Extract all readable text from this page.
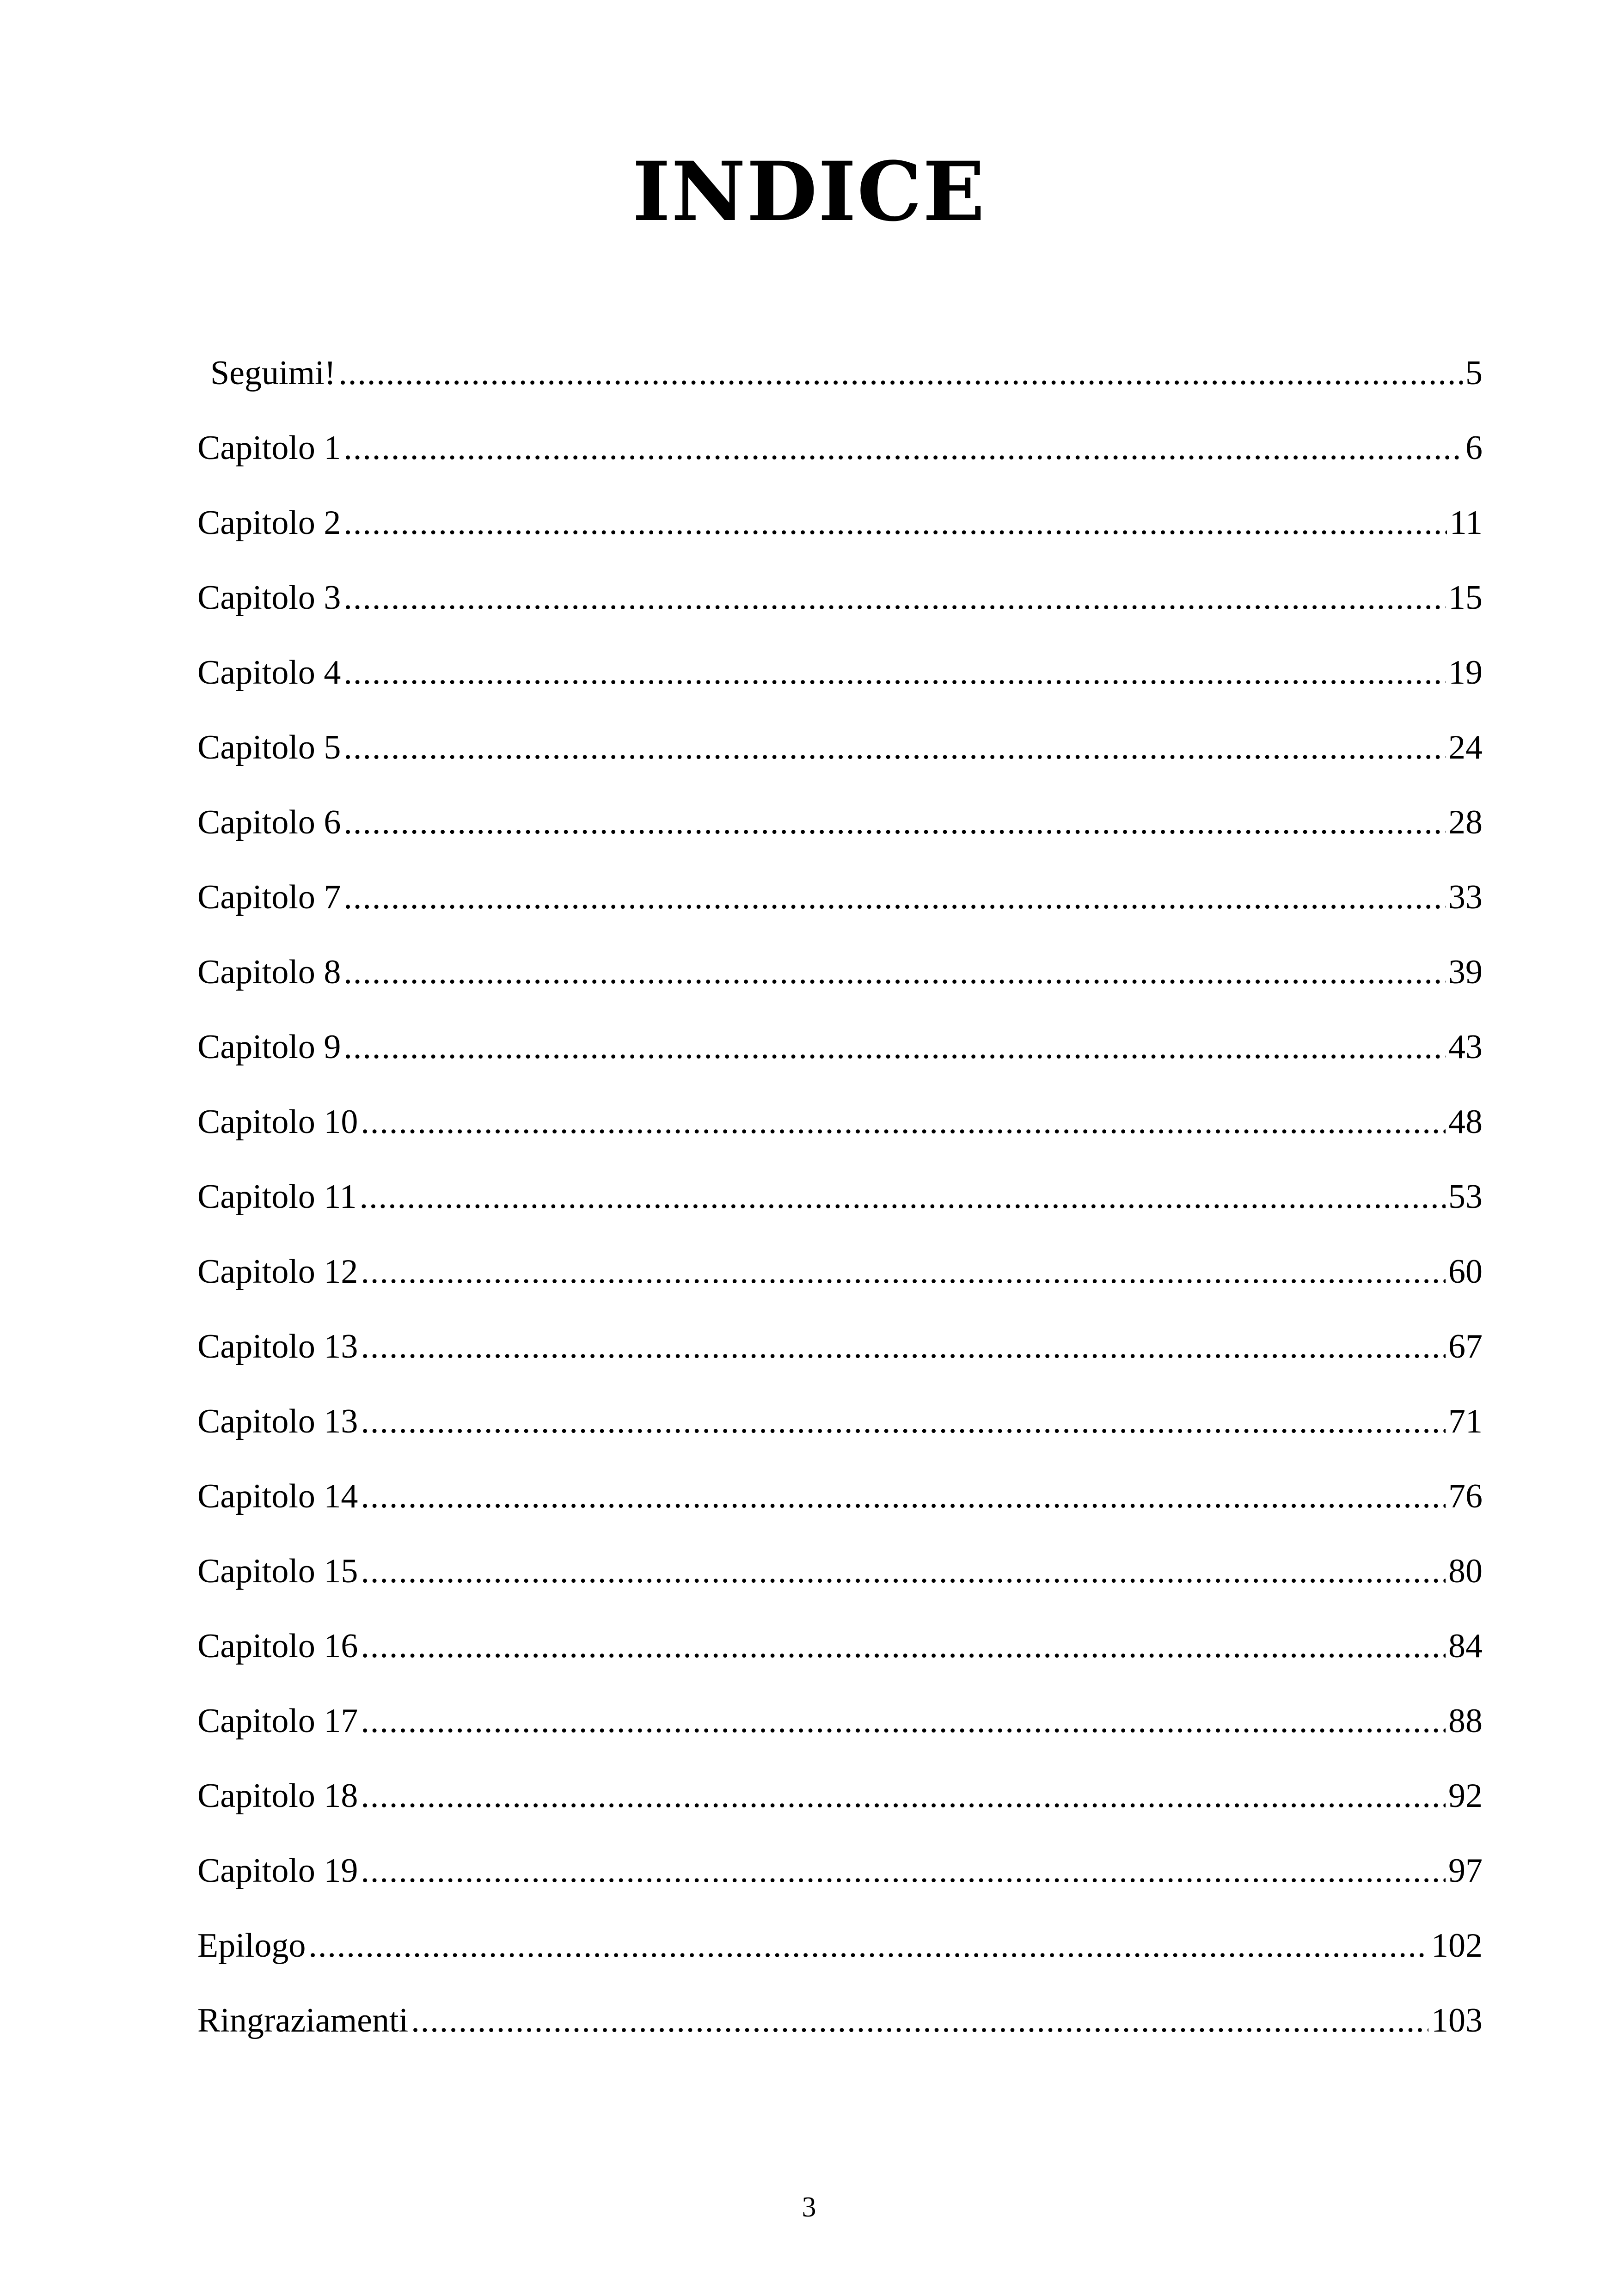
INDICE
Seguimi! .....	5
Capitolo 1 .....	6
Capitolo 2 .....	11
Capitolo 3 .....	15
Capitolo 4 .....	19
Capitolo 5 .....	24
Capitolo 6 .....	28
Capitolo 7 .....	33
Capitolo 8 .....	39
Capitolo 9 .....	43
Capitolo 10 .....	48
Capitolo 11 .....	53
Capitolo 12 .....	60
Capitolo 13 .....	67
Capitolo 13 .....	71
Capitolo 14 .....	76
Capitolo 15 .....	80
Capitolo 16 .....	84
Capitolo 17 .....	88
Capitolo 18 .....	92
Capitolo 19 .....	97
Epilogo .....	102
Ringraziamenti .....	103
3
